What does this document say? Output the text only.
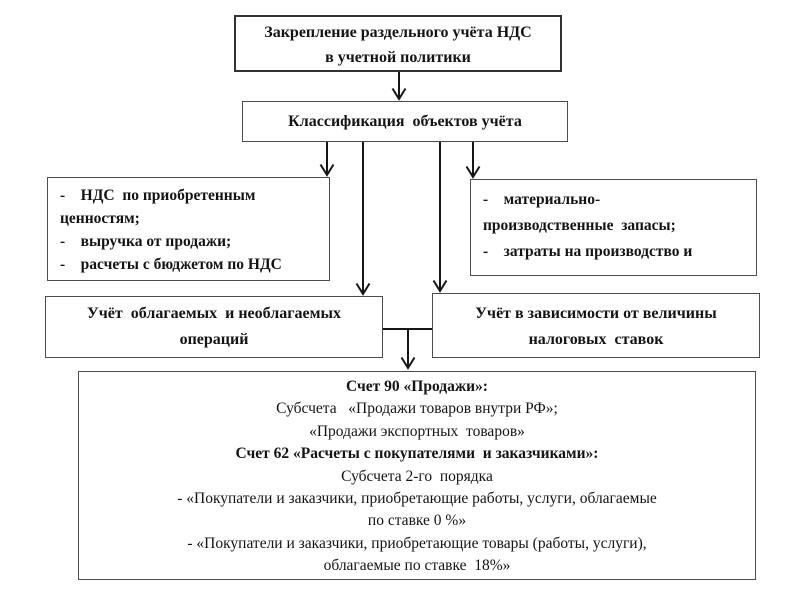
Закрепление раздельного учёта НДС
в учетной политики
Классификация  объектов учёта
-    НДС  по приобретенным
ценностям;
-    выручка от продажи;
-    расчеты с бюджетом по НДС
-    материально-
производственные  запасы;
-    затраты на производство и
Учёт  облагаемых  и необлагаемых
операций
Учёт в зависимости от величины
налоговых  ставок
Счет 90 «Продажи»:
Субсчета   «Продажи товаров внутри РФ»;
«Продажи экспортных  товаров»
Счет 62 «Расчеты с покупателями  и заказчиками»:
Субсчета 2-го  порядка
- «Покупатели и заказчики, приобретающие работы, услуги, облагаемые
по ставке 0 %»
- «Покупатели и заказчики, приобретающие товары (работы, услуги),
облагаемые по ставке  18%»
